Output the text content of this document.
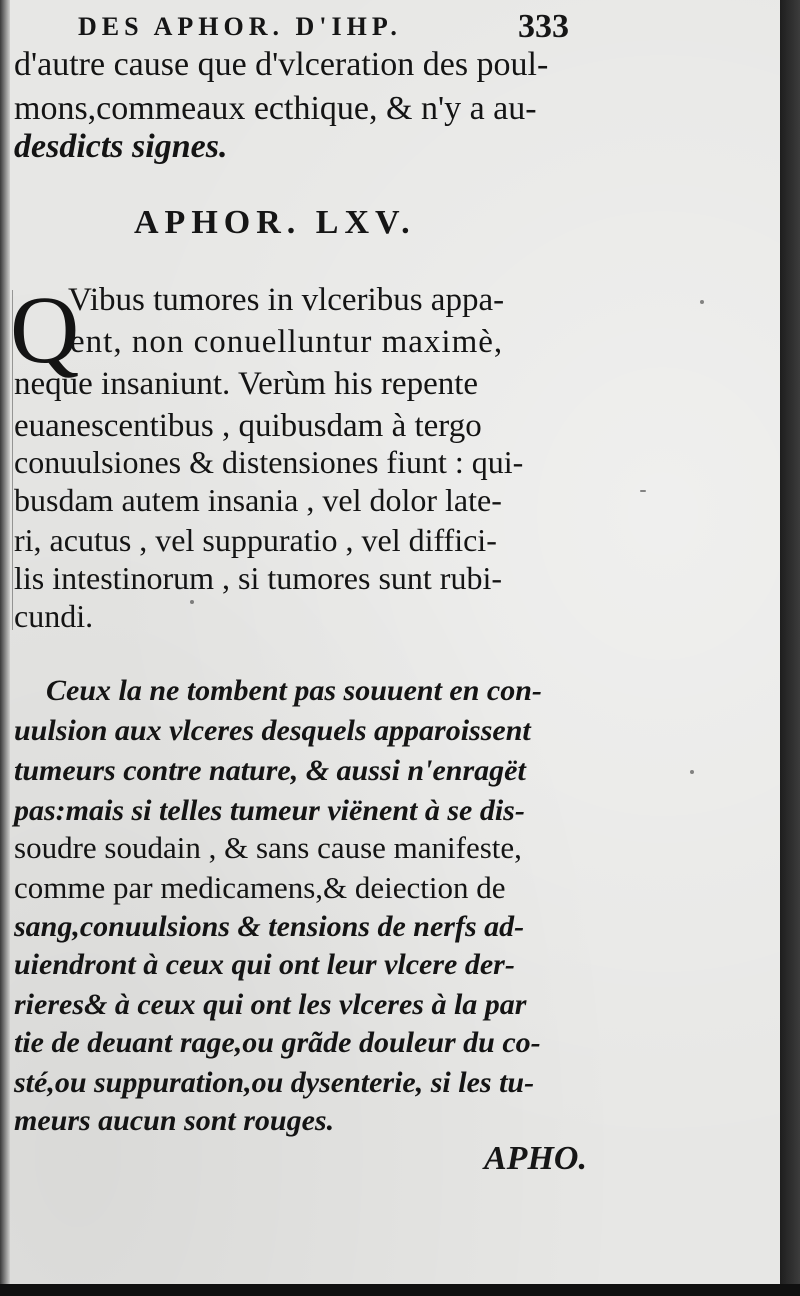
DES APHOR. D'IHP.	333
d'autre cause que d'vlceration des poul-
mons,commeaux ecthique, & n'y a au-
desdicts signes.
APHOR. LXV.
Q
Vibus tumores in vlceribus appa-
ent, non conuelluntur maximè,
neque insaniunt. Verùm his repente
euanescentibus , quibusdam à tergo
conuulsiones & distensiones fiunt : qui-
busdam autem insania , vel dolor late-
ri, acutus , vel suppuratio , vel diffici-
lis intestinorum , si tumores sunt rubi-
cundi.
Ceux la ne tombent pas souuent en con-
uulsion aux vlceres desquels apparoissent
tumeurs contre nature, & aussi n'enragët
pas:mais si telles tumeur viënent à se dis-
soudre soudain , & sans cause manifeste,
comme par medicamens,& deiection de
sang,conuulsions & tensions de nerfs ad-
uiendront à ceux qui ont leur vlcere der-
rieres& à ceux qui ont les vlceres à la par
tie de deuant rage,ou grãde douleur du co-
sté,ou suppuration,ou dysenterie, si les tu-
meurs aucun sont rouges.
APHO.
